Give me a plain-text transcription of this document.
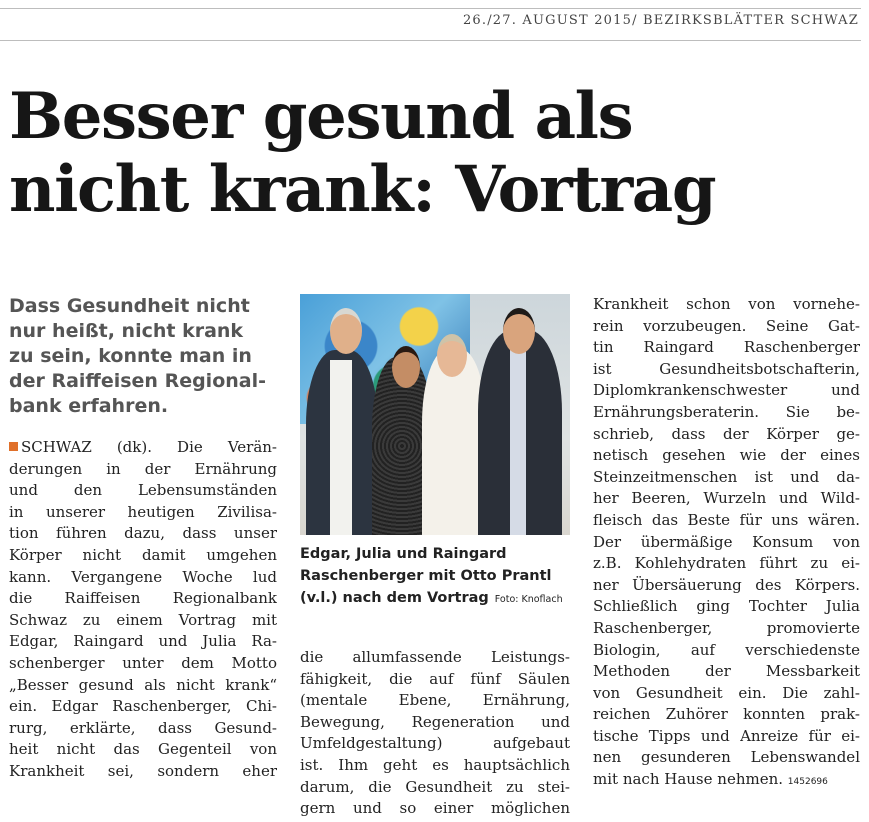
26./27. AUGUST 2015/ BEZIRKSBLÄTTER SCHWAZ
Besser gesund als
nicht krank: Vortrag
Dass Gesundheit nicht
nur heißt, nicht krank
zu sein, konnte man in
der Raiffeisen Regional-
bank erfahren.
SCHWAZ (dk). Die Verän-
derungen in der Ernährung
und den Lebensumständen
in unserer heutigen Zivilisa-
tion führen dazu, dass unser
Körper nicht damit umgehen
kann. Vergangene Woche lud
die Raiffeisen Regionalbank
Schwaz zu einem Vortrag mit
Edgar, Raingard und Julia Ra-
schenberger unter dem Motto
„Besser gesund als nicht krank“
ein. Edgar Raschenberger, Chi-
rurg, erklärte, dass Gesund-
heit nicht das Gegenteil von
Krankheit sei, sondern eher
Edgar, Julia und Raingard
Raschenberger mit Otto Prantl
(v.l.) nach dem Vortrag Foto: Knoflach
die allumfassende Leistungs-
fähigkeit, die auf fünf Säulen
(mentale Ebene, Ernährung,
Bewegung, Regeneration und
Umfeldgestaltung) aufgebaut
ist. Ihm geht es hauptsächlich
darum, die Gesundheit zu stei-
gern und so einer möglichen
Krankheit schon von vornehe-
rein vorzubeugen. Seine Gat-
tin Raingard Raschenberger
ist Gesundheitsbotschafterin,
Diplomkrankenschwester und
Ernährungsberaterin. Sie be-
schrieb, dass der Körper ge-
netisch gesehen wie der eines
Steinzeitmenschen ist und da-
her Beeren, Wurzeln und Wild-
fleisch das Beste für uns wären.
Der übermäßige Konsum von
z.B. Kohlehydraten führt zu ei-
ner Übersäuerung des Körpers.
Schließlich ging Tochter Julia
Raschenberger, promovierte
Biologin, auf verschiedenste
Methoden der Messbarkeit
von Gesundheit ein. Die zahl-
reichen Zuhörer konnten prak-
tische Tipps und Anreize für ei-
nen gesunderen Lebenswandel
mit nach Hause nehmen. 1452696
